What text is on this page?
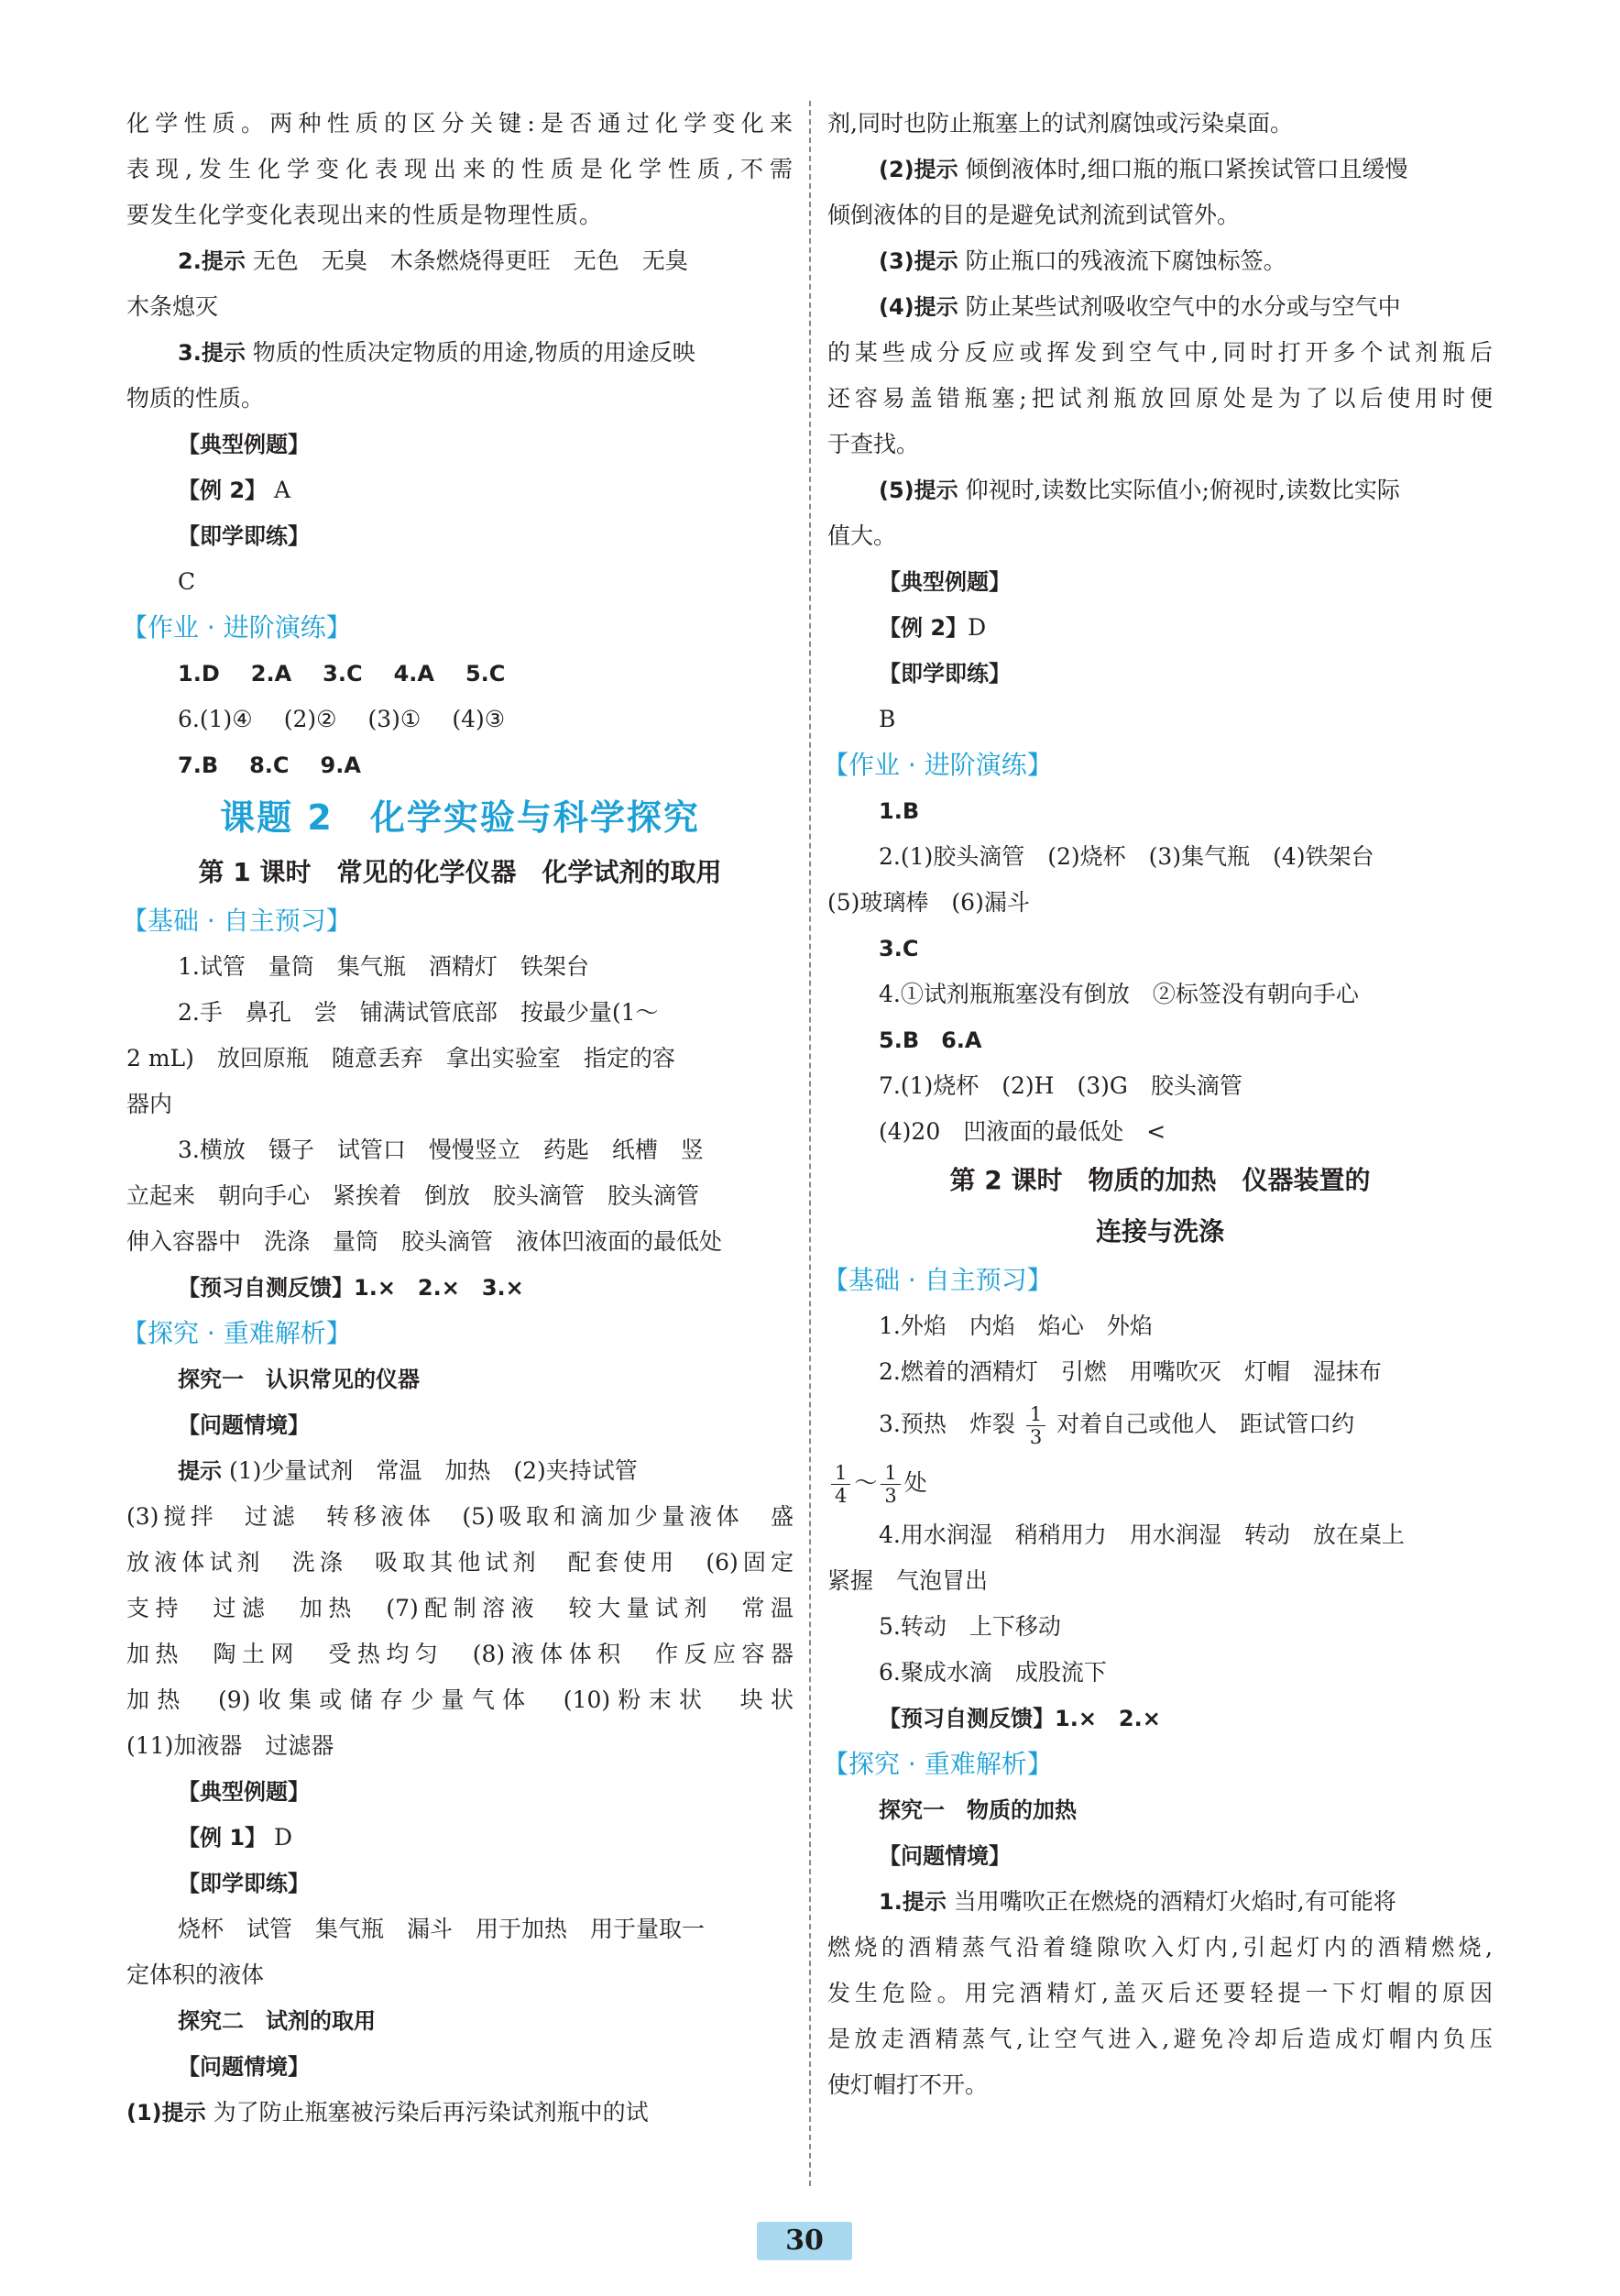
化学性质。两种性质的区分关键:是否通过化学变化来
表现,发生化学变化表现出来的性质是化学性质,不需
要发生化学变化表现出来的性质是物理性质。
2.提示 无色　无臭　木条燃烧得更旺　无色　无臭
木条熄灭
3.提示 物质的性质决定物质的用途,物质的用途反映
物质的性质。
【典型例题】
【例 2】 A
【即学即练】
C
【作业 · 进阶演练】
1.D 2.A 3.C 4.A 5.C
6.(1)④ (2)② (3)① (4)③
7.B 8.C 9.A
课题 2　化学实验与科学探究
第 1 课时　常见的化学仪器　化学试剂的取用
【基础 · 自主预习】
1.试管　量筒　集气瓶　酒精灯　铁架台
2.手　鼻孔　尝　铺满试管底部　按最少量(1～
2 mL)　放回原瓶　随意丢弃　拿出实验室　指定的容
器内
3.横放　镊子　试管口　慢慢竖立　药匙　纸槽　竖
立起来　朝向手心　紧挨着　倒放　胶头滴管　胶头滴管
伸入容器中　洗涤　量筒　胶头滴管　液体凹液面的最低处
【预习自测反馈】1.×　2.×　3.×
【探究 · 重难解析】
探究一　认识常见的仪器
【问题情境】
提示 (1)少量试剂　常温　加热　(2)夹持试管
(3)搅拌　过滤　转移液体　(5)吸取和滴加少量液体　盛
放液体试剂　洗涤　吸取其他试剂　配套使用　(6)固定
支持　过滤　加热　(7)配制溶液　较大量试剂　常温
加热　陶土网　受热均匀　(8)液体体积　作反应容器
加热　(9)收集或储存少量气体　(10)粉末状　块状
(11)加液器　过滤器
【典型例题】
【例 1】 D
【即学即练】
烧杯　试管　集气瓶　漏斗　用于加热　用于量取一
定体积的液体
探究二　试剂的取用
【问题情境】
(1)提示 为了防止瓶塞被污染后再污染试剂瓶中的试
剂,同时也防止瓶塞上的试剂腐蚀或污染桌面。
(2)提示 倾倒液体时,细口瓶的瓶口紧挨试管口且缓慢
倾倒液体的目的是避免试剂流到试管外。
(3)提示 防止瓶口的残液流下腐蚀标签。
(4)提示 防止某些试剂吸收空气中的水分或与空气中
的某些成分反应或挥发到空气中,同时打开多个试剂瓶后
还容易盖错瓶塞;把试剂瓶放回原处是为了以后使用时便
于查找。
(5)提示 仰视时,读数比实际值小;俯视时,读数比实际
值大。
【典型例题】
【例 2】D
【即学即练】
B
【作业 · 进阶演练】
1.B
2.(1)胶头滴管　(2)烧杯　(3)集气瓶　(4)铁架台
(5)玻璃棒　(6)漏斗
3.C
4.①试剂瓶瓶塞没有倒放　②标签没有朝向手心
5.B　6.A
7.(1)烧杯　(2)H　(3)G　胶头滴管
(4)20　凹液面的最低处　<
第 2 课时　物质的加热　仪器装置的
连接与洗涤
【基础 · 自主预习】
1.外焰　内焰　焰心　外焰
2.燃着的酒精灯　引燃　用嘴吹灭　灯帽　湿抹布
3.预热　炸裂 $\frac{1}{3}$ 对着自己或他人　距试管口约
$\frac{1}{4}$ ～ $\frac{1}{3}$ 处
4.用水润湿　稍稍用力　用水润湿　转动　放在桌上
紧握　气泡冒出
5.转动　上下移动
6.聚成水滴　成股流下
【预习自测反馈】1.×　2.×
【探究 · 重难解析】
探究一　物质的加热
【问题情境】
1.提示 当用嘴吹正在燃烧的酒精灯火焰时,有可能将
燃烧的酒精蒸气沿着缝隙吹入灯内,引起灯内的酒精燃烧,
发生危险。用完酒精灯,盖灭后还要轻提一下灯帽的原因
是放走酒精蒸气,让空气进入,避免冷却后造成灯帽内负压
使灯帽打不开。
30
